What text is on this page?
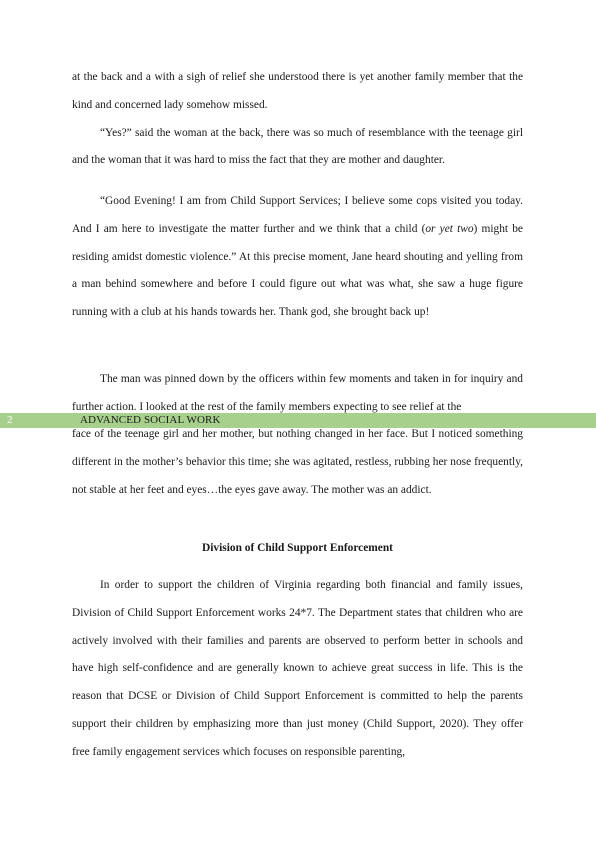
at the back and a with a sigh of relief she understood there is yet another family member that the kind and concerned lady somehow missed.

“Yes?” said the woman at the back, there was so much of resemblance with the teenage girl and the woman that it was hard to miss the fact that they are mother and daughter.

“Good Evening! I am from Child Support Services; I believe some cops visited you today. And I am here to investigate the matter further and we think that a child (or yet two) might be residing amidst domestic violence.” At this precise moment, Jane heard shouting and yelling from a man behind somewhere and before I could figure out what was what, she saw a huge figure running with a club at his hands towards her. Thank god, she brought back up!

The man was pinned down by the officers within few moments and taken in for inquiry and further action. I looked at the rest of the family members expecting to see relief at the

2	ADVANCED SOCIAL WORK

face of the teenage girl and her mother, but nothing changed in her face. But I noticed something different in the mother’s behavior this time; she was agitated, restless, rubbing her nose frequently, not stable at her feet and eyes…the eyes gave away. The mother was an addict.

Division of Child Support Enforcement

In order to support the children of Virginia regarding both financial and family issues, Division of Child Support Enforcement works 24*7. The Department states that children who are actively involved with their families and parents are observed to perform better in schools and have high self-confidence and are generally known to achieve great success in life. This is the reason that DCSE or Division of Child Support Enforcement is committed to help the parents support their children by emphasizing more than just money (Child Support, 2020). They offer free family engagement services which focuses on responsible parenting,
